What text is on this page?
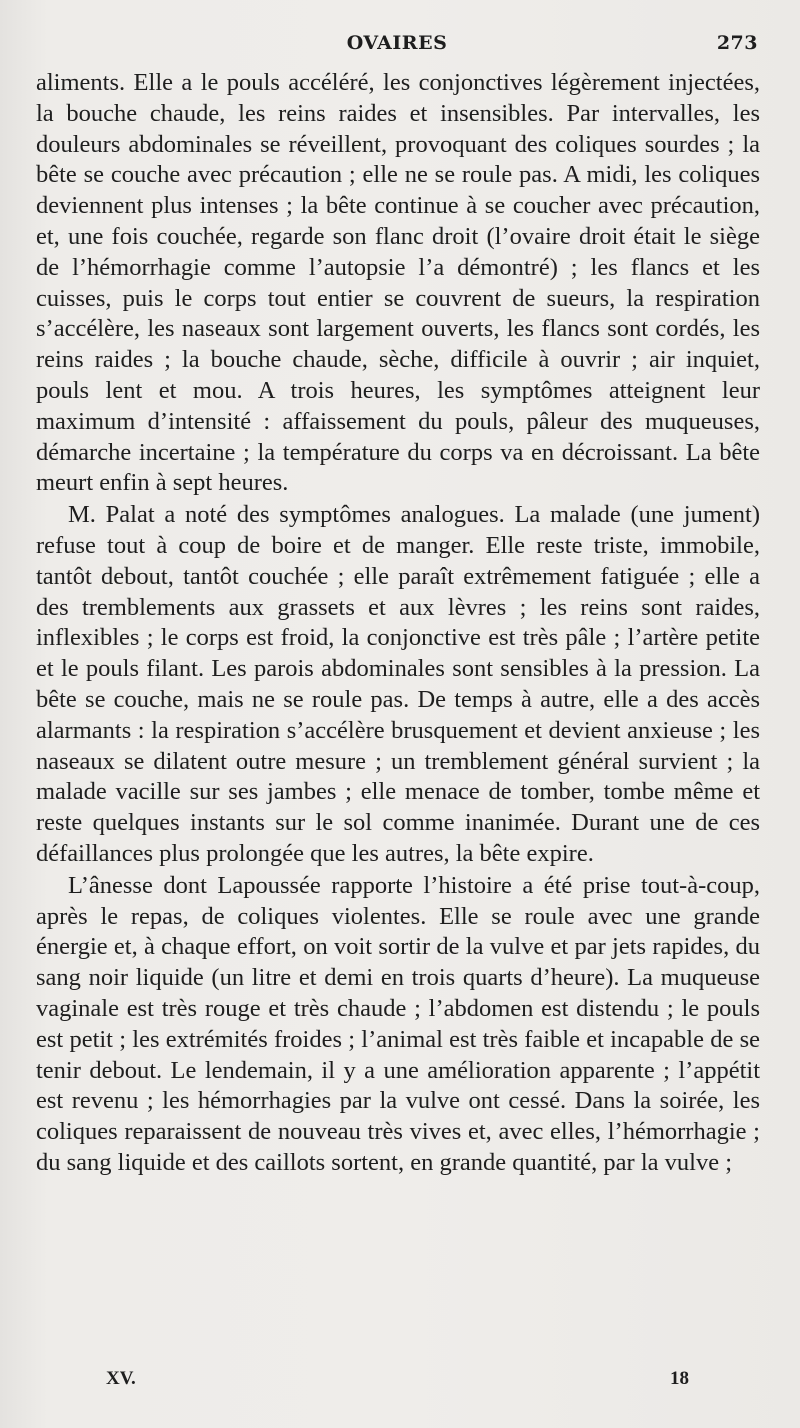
OVAIRES	273

aliments. Elle a le pouls accéléré, les conjonctives légèrement injectées, la bouche chaude, les reins raides et insensibles. Par intervalles, les douleurs abdominales se réveillent, provoquant des coliques sourdes ; la bête se couche avec précaution ; elle ne se roule pas. A midi, les coliques deviennent plus intenses ; la bête continue à se coucher avec précaution, et, une fois couchée, regarde son flanc droit (l’ovaire droit était le siège de l’hémorrhagie comme l’autopsie l’a démontré) ; les flancs et les cuisses, puis le corps tout entier se couvrent de sueurs, la respiration s’accélère, les naseaux sont largement ouverts, les flancs sont cordés, les reins raides ; la bouche chaude, sèche, difficile à ouvrir ; air inquiet, pouls lent et mou. A trois heures, les symptômes atteignent leur maximum d’intensité : affaissement du pouls, pâleur des muqueuses, démarche incertaine ; la température du corps va en décroissant. La bête meurt enfin à sept heures.

M. Palat a noté des symptômes analogues. La malade (une jument) refuse tout à coup de boire et de manger. Elle reste triste, immobile, tantôt debout, tantôt couchée ; elle paraît extrêmement fatiguée ; elle a des tremblements aux grassets et aux lèvres ; les reins sont raides, inflexibles ; le corps est froid, la conjonctive est très pâle ; l’artère petite et le pouls filant. Les parois abdominales sont sensibles à la pression. La bête se couche, mais ne se roule pas. De temps à autre, elle a des accès alarmants : la respiration s’accélère brusquement et devient anxieuse ; les naseaux se dilatent outre mesure ; un tremblement général survient ; la malade vacille sur ses jambes ; elle menace de tomber, tombe même et reste quelques instants sur le sol comme inanimée. Durant une de ces défaillances plus prolongée que les autres, la bête expire.

L’ânesse dont Lapoussée rapporte l’histoire a été prise tout-à-coup, après le repas, de coliques violentes. Elle se roule avec une grande énergie et, à chaque effort, on voit sortir de la vulve et par jets rapides, du sang noir liquide (un litre et demi en trois quarts d’heure). La muqueuse vaginale est très rouge et très chaude ; l’abdomen est distendu ; le pouls est petit ; les extrémités froides ; l’animal est très faible et incapable de se tenir debout. Le lendemain, il y a une amélioration apparente ; l’appétit est revenu ; les hémorrhagies par la vulve ont cessé. Dans la soirée, les coliques reparaissent de nouveau très vives et, avec elles, l’hémorrhagie ; du sang liquide et des caillots sortent, en grande quantité, par la vulve ;

XV.	18
